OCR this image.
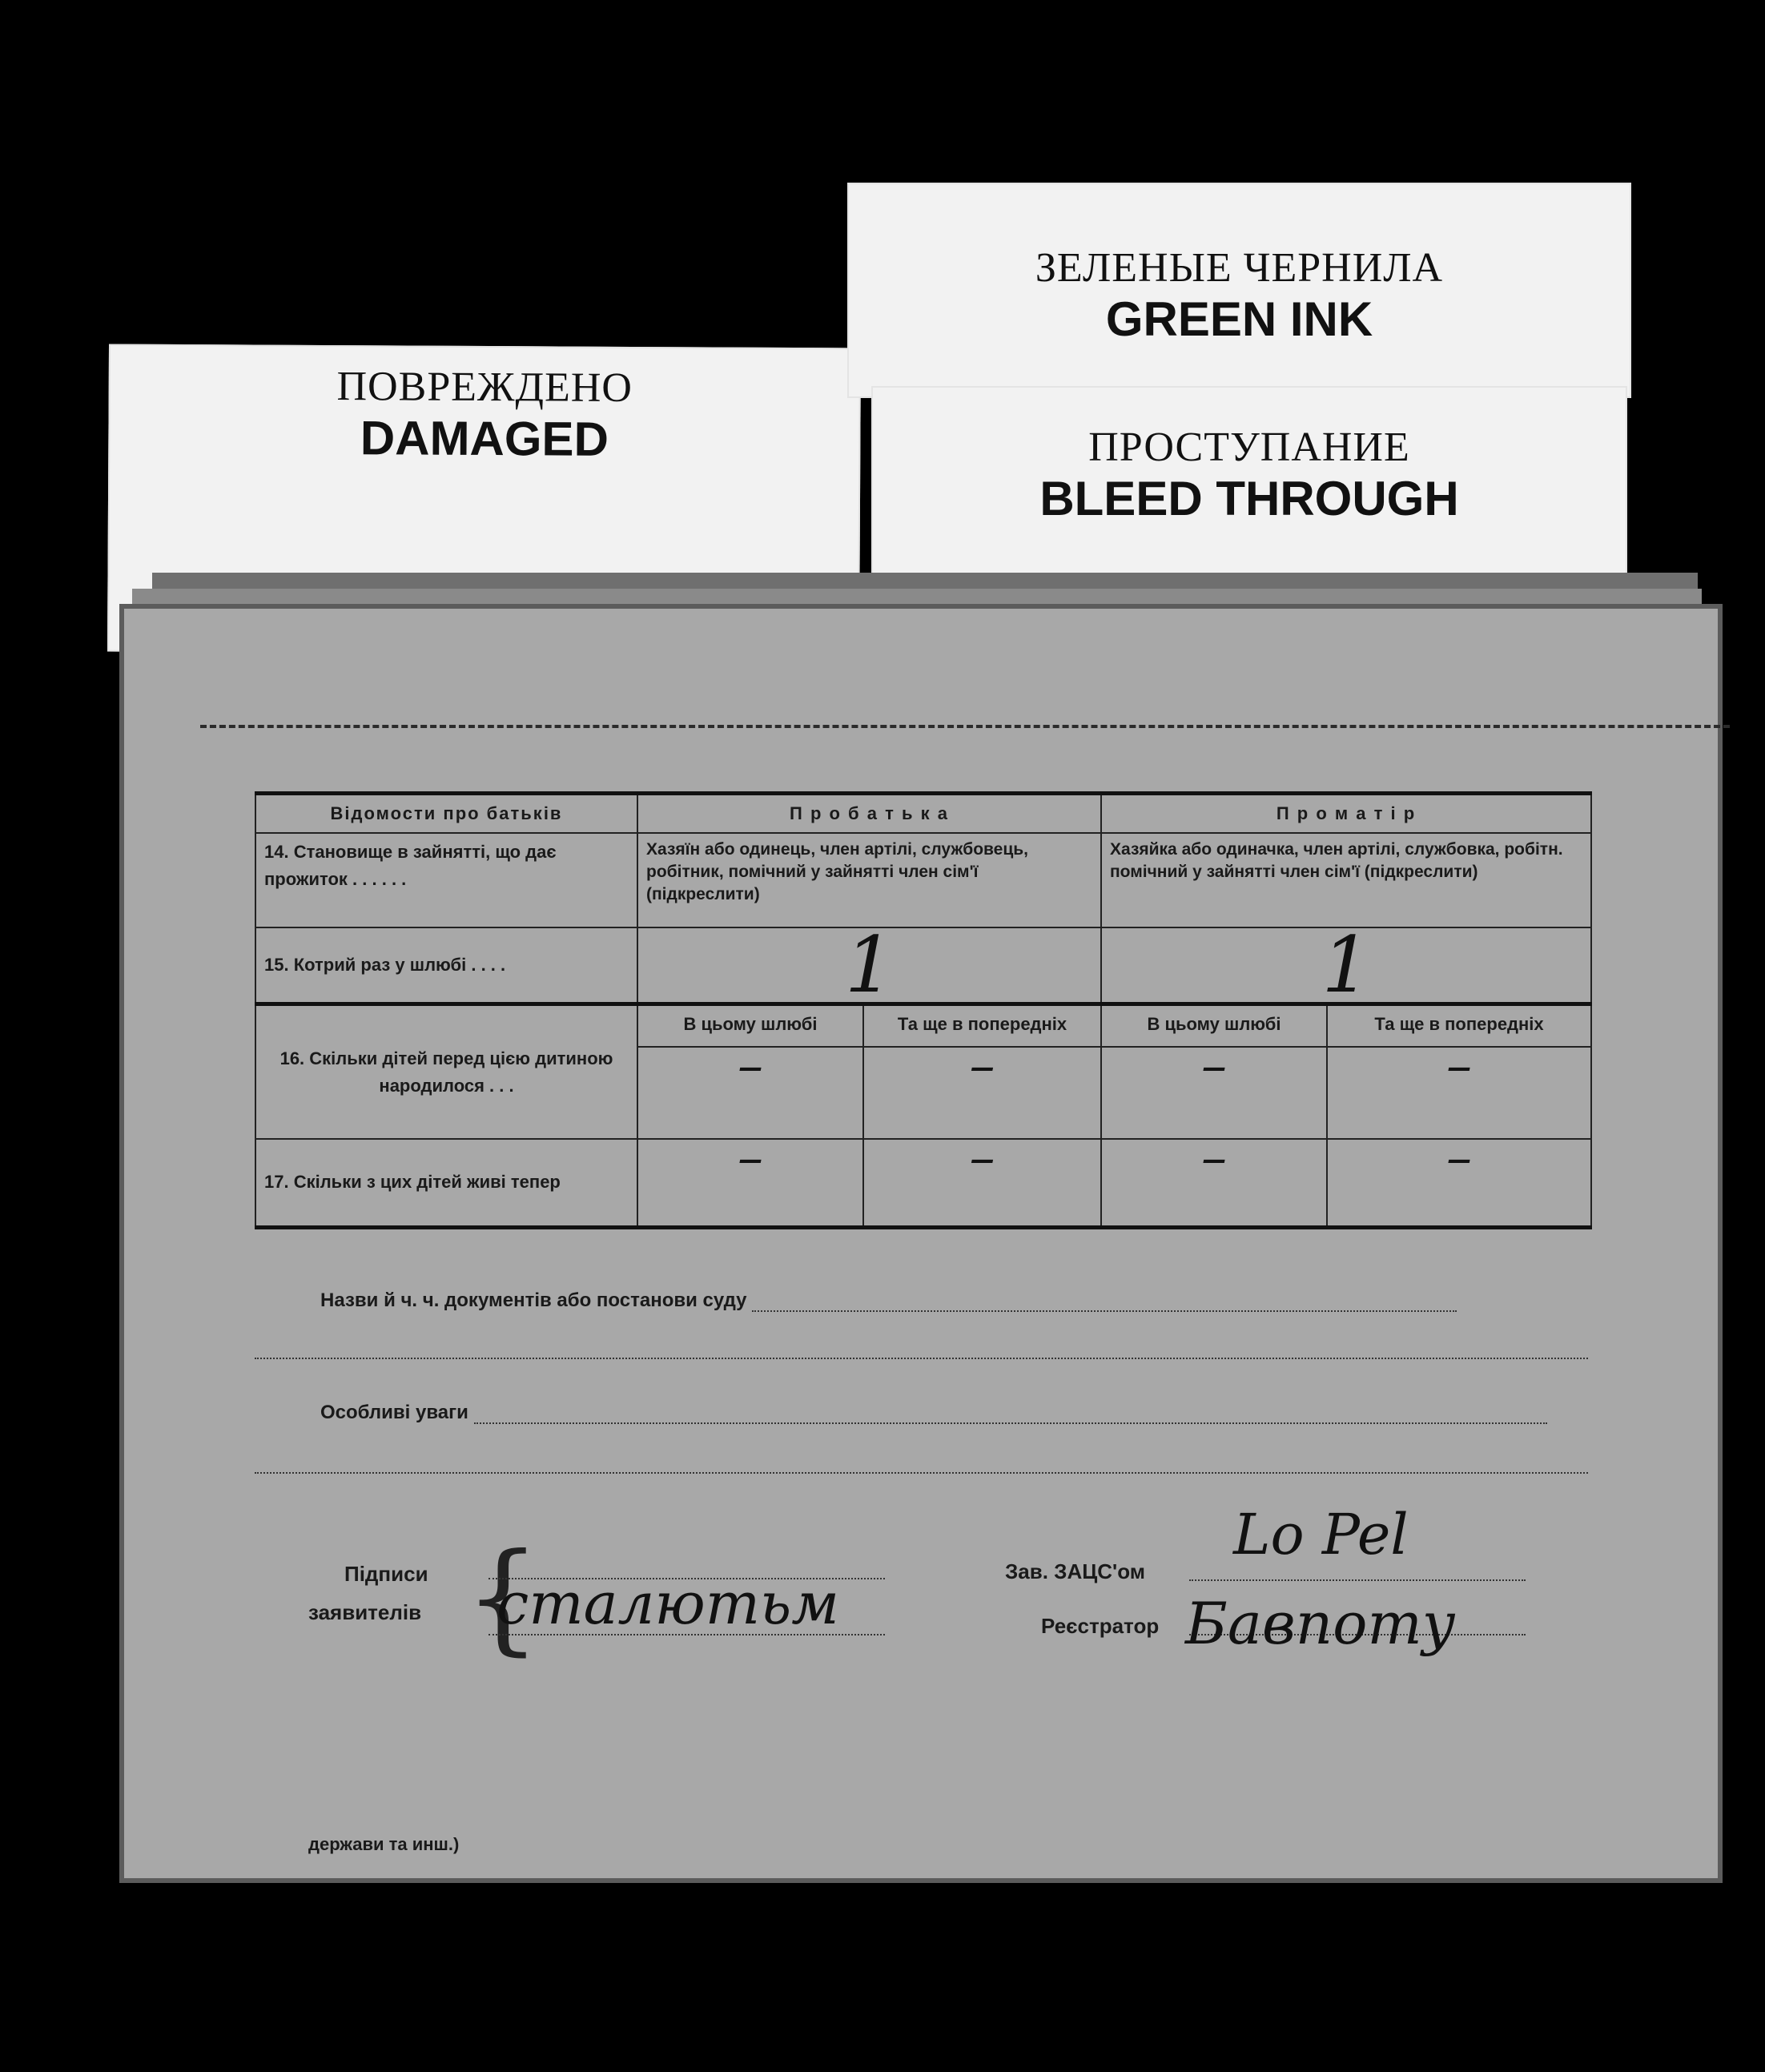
ПОВРЕЖДЕНО
DAMAGED
ЗЕЛЕНЫЕ ЧЕРНИЛА
GREEN INK
ПРОСТУПАНИЕ
BLEED THROUGH
Відомости про батьків	П р о б а т ь к а		П р о м а т і р	
14. Становище в зайнятті, що дає прожиток . . . . . .	Хазяїн або одинець, член артілі, службовець, робітник, помічний у зайнятті член сім'ї (підкреслити)		Хазяйка або одиначка, член артілі, службовка, робітн. помічний у зайнятті член сім'ї (підкреслити)	
15. Котрий раз у шлюбі . . . .	1		1	
16. Скільки дітей перед цією дитиною народилося . . .	В цьому шлюбі	Та ще в попередніх	В цьому шлюбі	Та ще в попередніх
	–	–	–	–
17. Скільки з цих дітей живі тепер	–	–	–	–
Назви й ч. ч. документів або постанови суду
Особливі уваги
Підписи
заявителів {
сталютьм	Зав. ЗАЦС'ом
Lo Pel
Реєстратор Бавпоту
держави та инш.)
